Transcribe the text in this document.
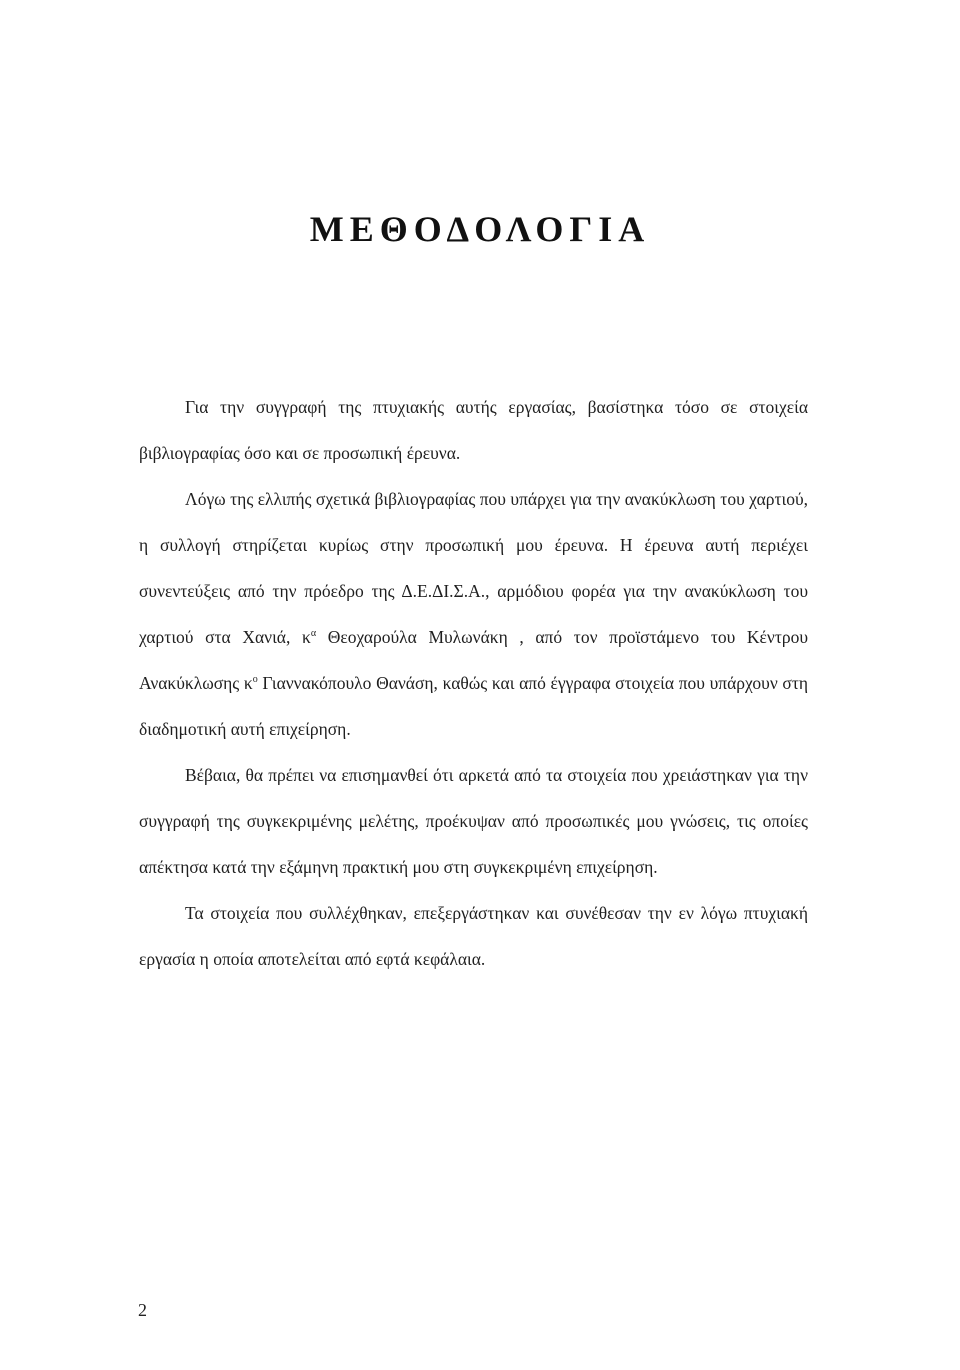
ΜΕΘΟΔΟΛΟΓΙΑ

Για την συγγραφή της πτυχιακής αυτής εργασίας, βασίστηκα τόσο σε στοιχεία βιβλιογραφίας όσο και σε προσωπική έρευνα.

Λόγω της ελλιπής σχετικά βιβλιογραφίας που υπάρχει για την ανακύκλωση του χαρτιού, η συλλογή στηρίζεται κυρίως στην προσωπική μου έρευνα. Η έρευνα αυτή περιέχει συνεντεύξεις από την πρόεδρο της Δ.Ε.ΔΙ.Σ.Α., αρμόδιου φορέα για την ανακύκλωση του χαρτιού στα Χανιά, $\kappa^\alpha$ Θεοχαρούλα Μυλωνάκη , από τον προϊστάμενο του Κέντρου Ανακύκλωσης $\kappa^o$ Γιαννακόπουλο Θανάση, καθώς και από έγγραφα στοιχεία που υπάρχουν στη διαδημοτική αυτή επιχείρηση.

Βέβαια, θα πρέπει να επισημανθεί ότι αρκετά από τα στοιχεία που χρειάστηκαν για την συγγραφή της συγκεκριμένης μελέτης, προέκυψαν από προσωπικές μου γνώσεις, τις οποίες απέκτησα κατά την εξάμηνη πρακτική μου στη συγκεκριμένη επιχείρηση.

Τα στοιχεία που συλλέχθηκαν, επεξεργάστηκαν και συνέθεσαν την εν λόγω πτυχιακή εργασία η οποία αποτελείται από εφτά κεφάλαια.

2
